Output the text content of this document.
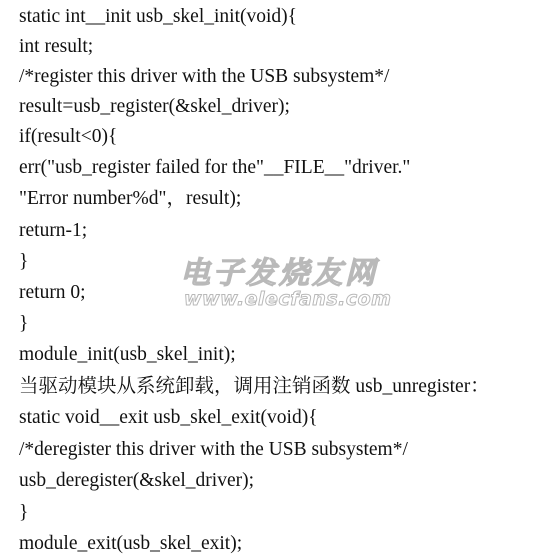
static int__init usb_skel_init(void){
int result;
/*register this driver with the USB subsystem*/
result=usb_register(&skel_driver);
if(result<0){
err("usb_register failed for the"__FILE__"driver."
"Error number%d"，result);
return-1;
}
return 0;
}
module_init(usb_skel_init);
当驱动模块从系统卸载，调用注销函数 usb_unregister：
static void__exit usb_skel_exit(void){
/*deregister this driver with the USB subsystem*/
usb_deregister(&skel_driver);
}
module_exit(usb_skel_exit);
电子发烧友网
www.elecfans.com
